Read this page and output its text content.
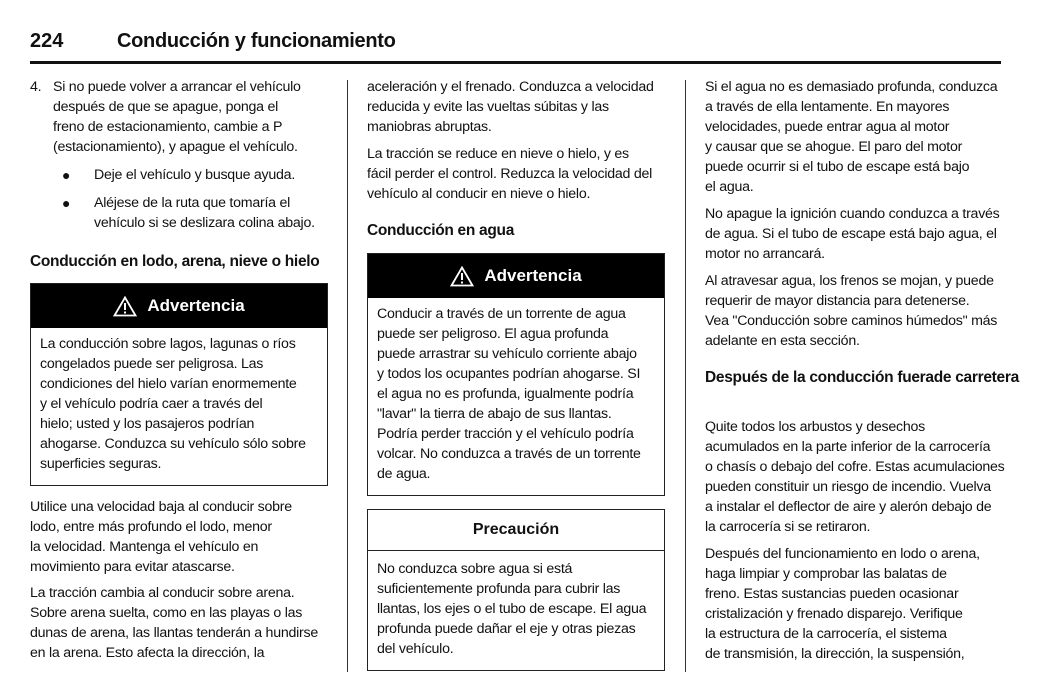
224	Conducción y funcionamiento
4. Si no puede volver a arrancar el vehículo
después de que se apague, ponga el
freno de estacionamiento, cambie a P
(estacionamiento), y apague el vehículo.
● Deje el vehículo y busque ayuda.
● Aléjese de la ruta que tomaría el
vehículo si se deslizara colina abajo.
Conducción en lodo, arena, nieve o hielo
Advertencia
La conducción sobre lagos, lagunas o ríos
congelados puede ser peligrosa. Las
condiciones del hielo varían enormemente
y el vehículo podría caer a través del
hielo; usted y los pasajeros podrían
ahogarse. Conduzca su vehículo sólo sobre
superficies seguras.
Utilice una velocidad baja al conducir sobre
lodo, entre más profundo el lodo, menor
la velocidad. Mantenga el vehículo en
movimiento para evitar atascarse.
La tracción cambia al conducir sobre arena.
Sobre arena suelta, como en las playas o las
dunas de arena, las llantas tenderán a hundirse
en la arena. Esto afecta la dirección, la
aceleración y el frenado. Conduzca a velocidad
reducida y evite las vueltas súbitas y las
maniobras abruptas.
La tracción se reduce en nieve o hielo, y es
fácil perder el control. Reduzca la velocidad del
vehículo al conducir en nieve o hielo.
Conducción en agua
Advertencia
Conducir a través de un torrente de agua
puede ser peligroso. El agua profunda
puede arrastrar su vehículo corriente abajo
y todos los ocupantes podrían ahogarse. SI
el agua no es profunda, igualmente podría
"lavar" la tierra de abajo de sus llantas.
Podría perder tracción y el vehículo podría
volcar. No conduzca a través de un torrente
de agua.
Precaución
No conduzca sobre agua si está
suficientemente profunda para cubrir las
llantas, los ejes o el tubo de escape. El agua
profunda puede dañar el eje y otras piezas
del vehículo.
Si el agua no es demasiado profunda, conduzca
a través de ella lentamente. En mayores
velocidades, puede entrar agua al motor
y causar que se ahogue. El paro del motor
puede ocurrir si el tubo de escape está bajo
el agua.
No apague la ignición cuando conduzca a través
de agua. Si el tubo de escape está bajo agua, el
motor no arrancará.
Al atravesar agua, los frenos se mojan, y puede
requerir de mayor distancia para detenerse.
Vea "Conducción sobre caminos húmedos" más
adelante en esta sección.
Después de la conducción fuerade carretera
Quite todos los arbustos y desechos
acumulados en la parte inferior de la carrocería
o chasís o debajo del cofre. Estas acumulaciones
pueden constituir un riesgo de incendio. Vuelva
a instalar el deflector de aire y alerón debajo de
la carrocería si se retiraron.
Después del funcionamiento en lodo o arena,
haga limpiar y comprobar las balatas de
freno. Estas sustancias pueden ocasionar
cristalización y frenado disparejo. Verifique
la estructura de la carrocería, el sistema
de transmisión, la dirección, la suspensión,
